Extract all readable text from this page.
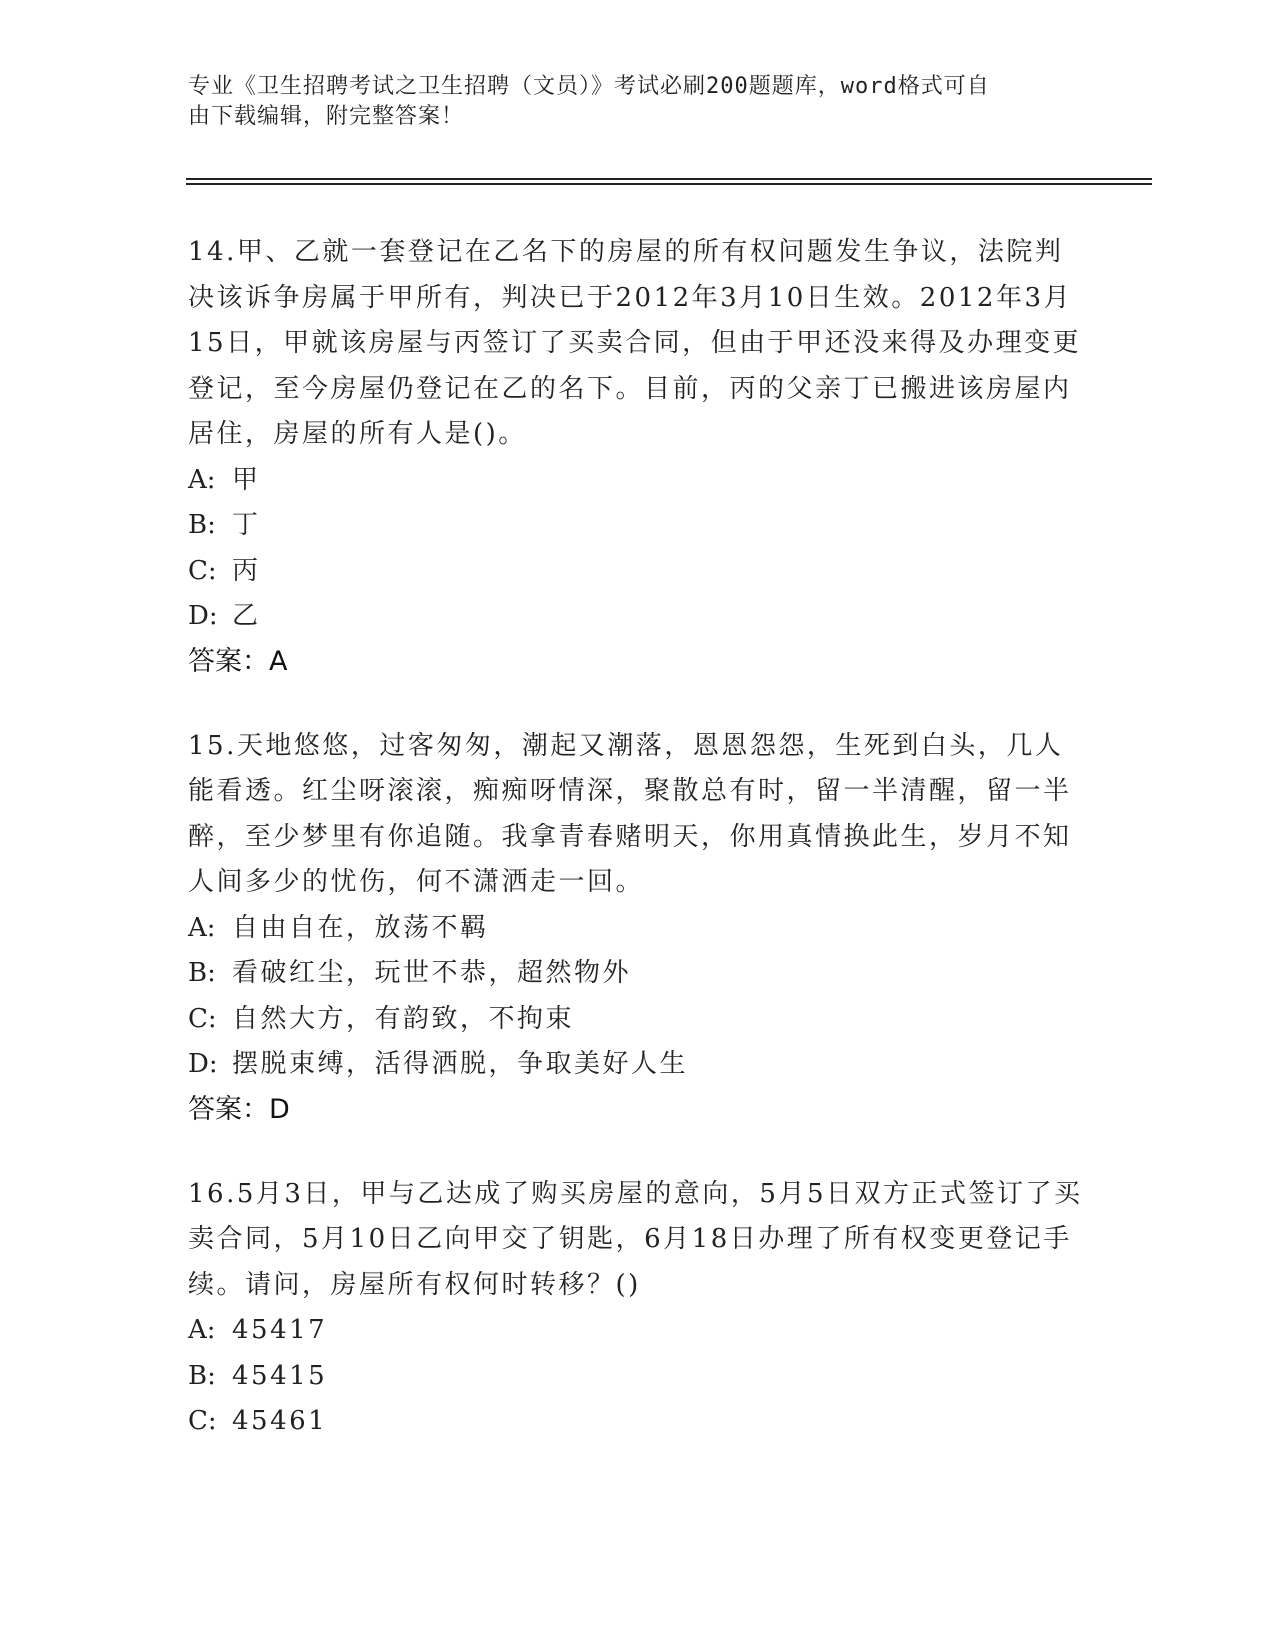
专业《卫生招聘考试之卫生招聘（文员）》考试必刷200题题库，word格式可自
由下载编辑，附完整答案！

14.甲、乙就一套登记在乙名下的房屋的所有权问题发生争议，法院判决该诉争房属于甲所有，判决已于2012年3月10日生效。2012年3月15日，甲就该房屋与丙签订了买卖合同，但由于甲还没来得及办理变更登记，至今房屋仍登记在乙的名下。目前，丙的父亲丁已搬进该房屋内居住，房屋的所有人是()。

A: 甲

B: 丁

C: 丙

D: 乙

答案：A

15.天地悠悠，过客匆匆，潮起又潮落，恩恩怨怨，生死到白头，几人能看透。红尘呀滚滚，痴痴呀情深，聚散总有时，留一半清醒，留一半醉，至少梦里有你追随。我拿青春赌明天，你用真情换此生，岁月不知人间多少的忧伤，何不潇洒走一回。

A: 自由自在，放荡不羁

B: 看破红尘，玩世不恭，超然物外

C: 自然大方，有韵致，不拘束

D: 摆脱束缚，活得洒脱，争取美好人生

答案：D

16.5月3日，甲与乙达成了购买房屋的意向，5月5日双方正式签订了买卖合同，5月10日乙向甲交了钥匙，6月18日办理了所有权变更登记手续。请问，房屋所有权何时转移？()

A: 45417

B: 45415

C: 45461
